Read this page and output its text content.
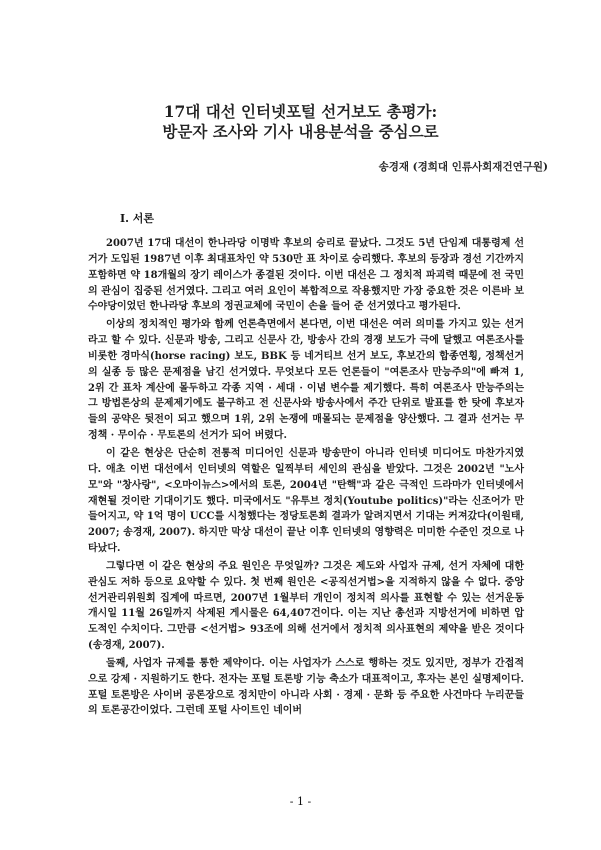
17대 대선 인터넷포털 선거보도 총평가:
방문자 조사와 기사 내용분석을 중심으로
송경재 (경희대 인류사회재건연구원)
I. 서론

2007년 17대 대선이 한나라당 이명박 후보의 승리로 끝났다. 그것도 5년 단임제 대통령제 선거가 도입된 1987년 이후 최대표차인 약 530만 표 차이로 승리했다. 후보의 등장과 경선 기간까지 포함하면 약 18개월의 장기 레이스가 종결된 것이다. 이번 대선은 그 정치적 파괴력 때문에 전 국민의 관심이 집중된 선거였다. 그리고 여러 요인이 복합적으로 작용했지만 가장 중요한 것은 이른바 보수야당이었던 한나라당 후보의 정권교체에 국민이 손을 들어 준 선거였다고 평가된다.

이상의 정치적인 평가와 함께 언론측면에서 본다면, 이번 대선은 여러 의미를 가지고 있는 선거라고 할 수 있다. 신문과 방송, 그리고 신문사 간, 방송사 간의 경쟁 보도가 극에 달했고 여론조사를 비롯한 경마식(horse racing) 보도, BBK 등 네거티브 선거 보도, 후보간의 합종연횡, 정책선거의 실종 등 많은 문제점을 남긴 선거였다. 무엇보다 모든 언론들이 "여론조사 만능주의"에 빠져 1, 2위 간 표차 계산에 몰두하고 각종 지역 · 세대 · 이념 변수를 제기했다. 특히 여론조사 만능주의는 그 방법론상의 문제제기에도 불구하고 전 신문사와 방송사에서 주간 단위로 발표를 한 탓에 후보자들의 공약은 뒷전이 되고 했으며 1위, 2위 논쟁에 매몰되는 문제점을 양산했다. 그 결과 선거는 무정책 · 무이슈 · 무토론의 선거가 되어 버렸다.

이 같은 현상은 단순히 전통적 미디어인 신문과 방송만이 아니라 인터넷 미디어도 마찬가지였다. 애초 이번 대선에서 인터넷의 역할은 일찍부터 세인의 관심을 받았다. 그것은 2002년 "노사모"와 "창사랑", <오마이뉴스>에서의 토론, 2004년 "탄핵"과 같은 극적인 드라마가 인터넷에서 재현될 것이란 기대이기도 했다. 미국에서도 "유투브 정치(Youtube politics)"라는 신조어가 만들어지고, 약 1억 명이 UCC를 시청했다는 정당토론회 결과가 알려지면서 기대는 커져갔다(이원태, 2007; 송경재, 2007). 하지만 막상 대선이 끝난 이후 인터넷의 영향력은 미미한 수준인 것으로 나타났다.

그렇다면 이 같은 현상의 주요 원인은 무엇일까? 그것은 제도와 사업자 규제, 선거 자체에 대한 관심도 저하 등으로 요약할 수 있다. 첫 번째 원인은 <공직선거법>을 지적하지 않을 수 없다. 중앙선거관리위원회 집계에 따르면, 2007년 1월부터 개인이 정치적 의사를 표현할 수 있는 선거운동 개시일 11월 26일까지 삭제된 게시물은 64,407건이다. 이는 지난 총선과 지방선거에 비하면 압도적인 수치이다. 그만큼 <선거법> 93조에 의해 선거에서 정치적 의사표현의 제약을 받은 것이다(송경재, 2007).

둘째, 사업자 규제를 통한 제약이다. 이는 사업자가 스스로 행하는 것도 있지만, 정부가 간접적으로 강제 · 지원하기도 한다. 전자는 포털 토론방 기능 축소가 대표적이고, 후자는 본인 실명제이다. 포털 토론방은 사이버 공론장으로 정치만이 아니라 사회 · 경제 · 문화 등 주요한 사건마다 누리꾼들의 토론공간이었다. 그런데 포털 사이트인 네이버

- 1 -
